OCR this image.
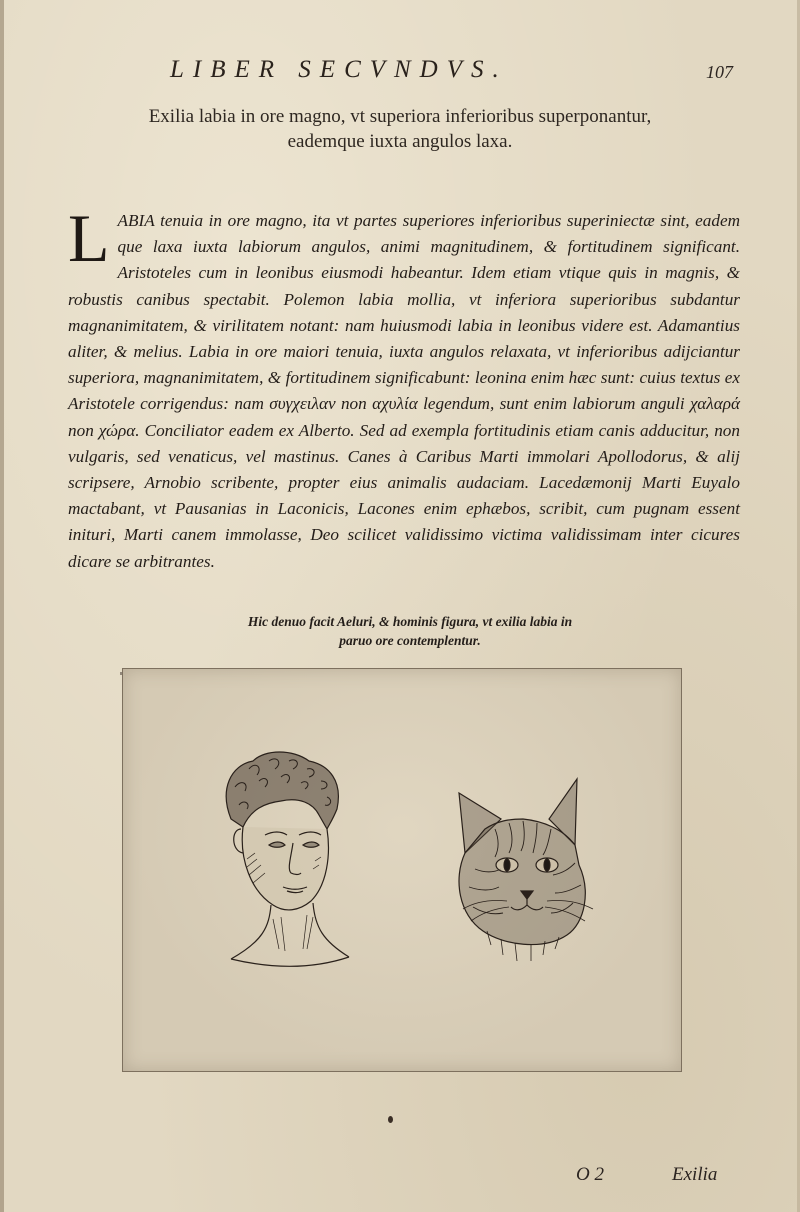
LIBER SECVNDVS.	107
Exilia labia in ore magno, vt superiora inferioribus superponantur,
eademque iuxta angulos laxa.
L ABIA tenuia in ore magno, ita vt partes superiores inferioribus superiniectæ sint, eadem que laxa iuxta labiorum angulos, animi magnitudinem, & fortitudinem significant. Aristoteles cum in leonibus eiusmodi habeantur. Idem etiam vtique quis in magnis, & robustis canibus spectabit. Polemon labia mollia, vt inferiora superioribus subdantur magnanimitatem, & virilitatem notant: nam huiusmodi labia in leonibus videre est. Adamantius aliter, & melius. Labia in ore maiori tenuia, iuxta angulos relaxata, vt inferioribus adijciantur superiora, magnanimitatem, & fortitudinem significabunt: leonina enim hæc sunt: cuius textus ex Aristotele corrigendus: nam συγχειλαν non αχυλία legendum, sunt enim labiorum anguli χαλαρά non χώρα. Conciliator eadem ex Alberto. Sed ad exempla fortitudinis etiam canis adducitur, non vulgaris, sed venaticus, vel mastinus. Canes à Caribus Marti immolari Apollodorus, & alij scripsere, Arnobio scribente, propter eius animalis audaciam. Lacedæmonij Marti Euyalo mactabant, vt Pausanias in Laconicis, Lacones enim ephæbos, scribit, cum pugnam essent inituri, Marti canem immolasse, Deo scilicet validissimo victima validissimam inter cicures dicare se arbitrantes.
Hic denuo facit Aeluri, & hominis figura, vt exilia labia in
paruo ore contemplentur.
O 2	Exilia
